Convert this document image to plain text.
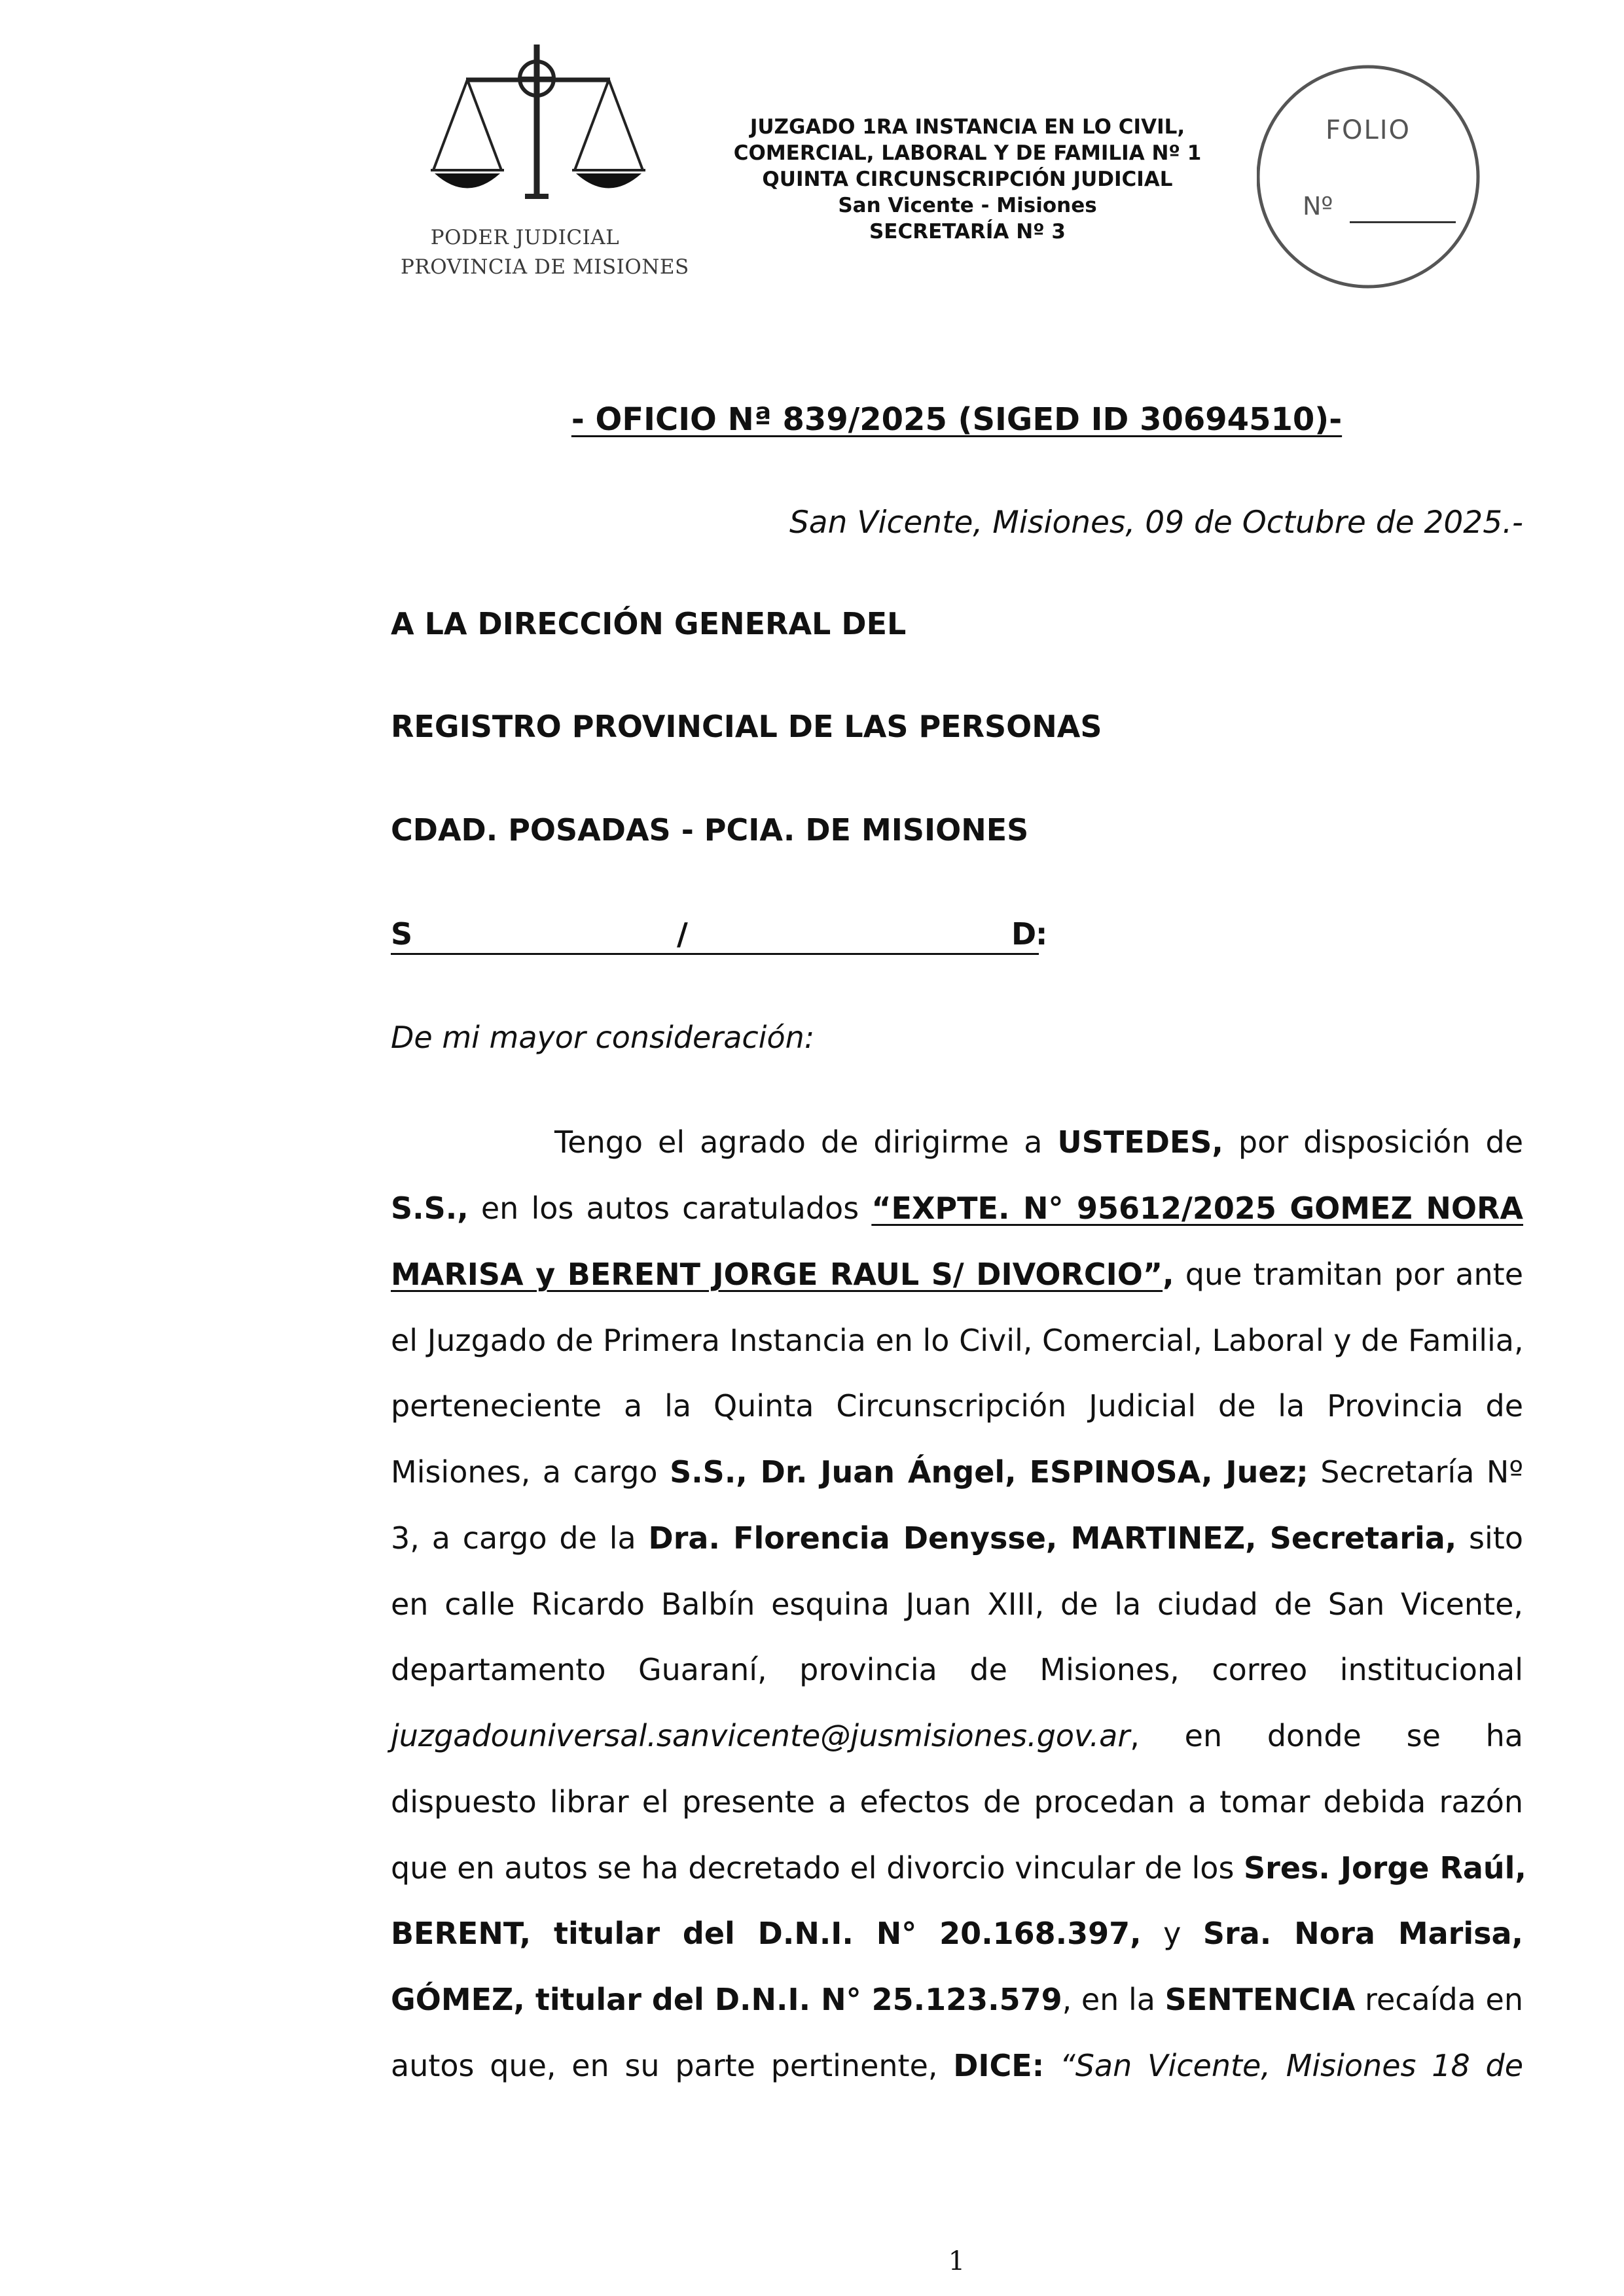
PODER JUDICIAL
PROVINCIA DE MISIONES
JUZGADO 1RA INSTANCIA EN LO CIVIL,
COMERCIAL, LABORAL Y DE FAMILIA Nº 1
QUINTA CIRCUNSCRIPCIÓN JUDICIAL
San Vicente - Misiones
SECRETARÍA Nº 3
FOLIO
Nº
- OFICIO Nª 839/2025 (SIGED ID 30694510)-
San Vicente, Misiones, 09 de Octubre de 2025.-
A LA DIRECCIÓN GENERAL DEL
REGISTRO PROVINCIAL DE LAS PERSONAS
CDAD. POSADAS - PCIA. DE MISIONES
S	/	D
:
De mi mayor consideración:
Tengo el agrado de dirigirme a USTEDES, por disposición de
S.S., en los autos caratulados “EXPTE. N° 95612/2025 GOMEZ NORA
MARISA y BERENT JORGE RAUL S/ DIVORCIO”, que tramitan por ante
el Juzgado de Primera Instancia en lo Civil, Comercial, Laboral y de Familia,
perteneciente a la Quinta Circunscripción Judicial de la Provincia de
Misiones, a cargo S.S., Dr. Juan Ángel, ESPINOSA, Juez; Secretaría Nº
3, a cargo de la Dra. Florencia Denysse, MARTINEZ, Secretaria, sito
en calle Ricardo Balbín esquina Juan XIII, de la ciudad de San Vicente,
departamento Guaraní, provincia de Misiones, correo institucional
juzgadouniversal.sanvicente@jusmisiones.gov.ar, en donde se ha
dispuesto librar el presente a efectos de procedan a tomar debida razón
que en autos se ha decretado el divorcio vincular de los Sres. Jorge Raúl,
BERENT, titular del D.N.I. N° 20.168.397, y Sra. Nora Marisa,
GÓMEZ, titular del D.N.I. N° 25.123.579, en la SENTENCIA recaída en
autos que, en su parte pertinente, DICE: “San Vicente, Misiones 18 de
1
